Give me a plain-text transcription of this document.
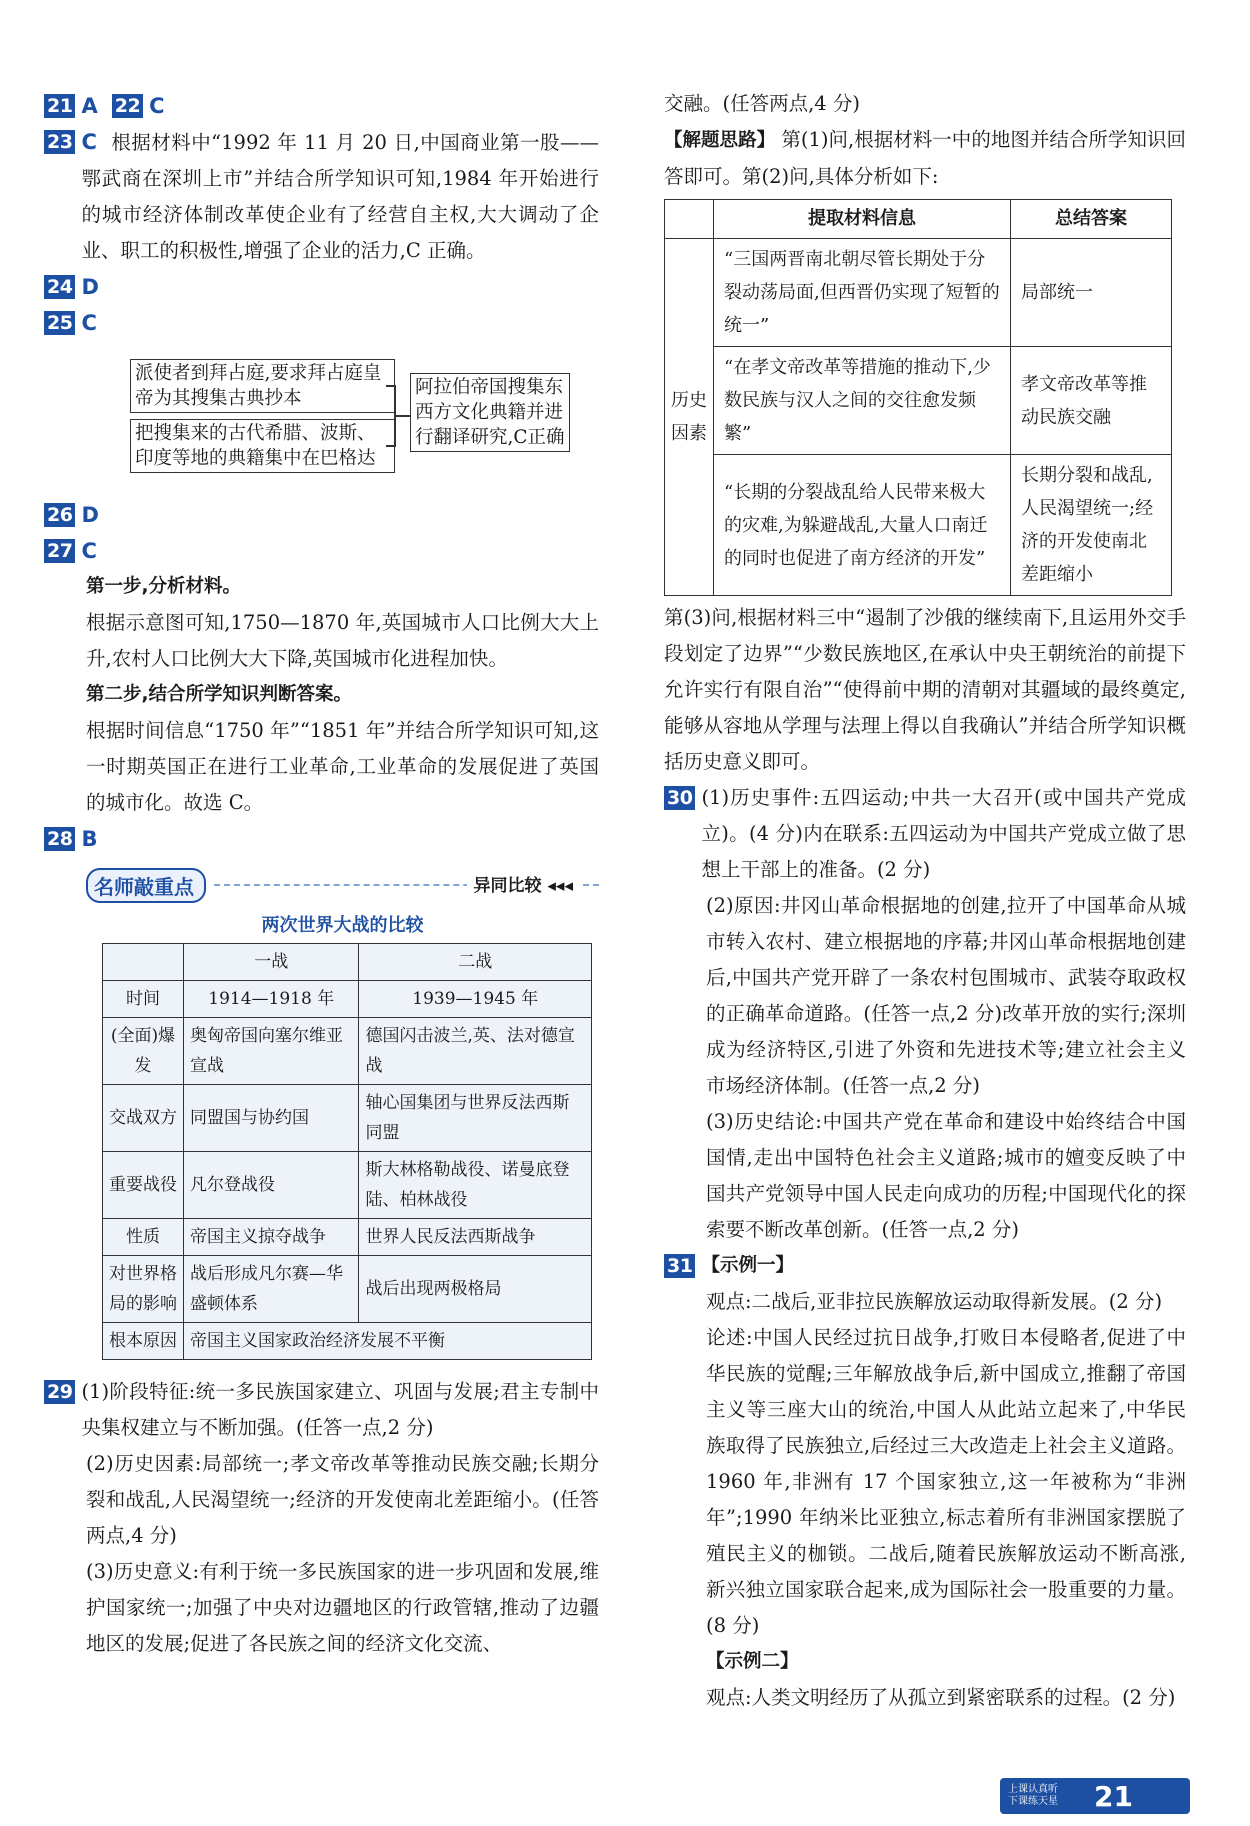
21 A 22 C
23 C 根据材料中“1992 年 11 月 20 日,中国商业第一股——鄂武商在深圳上市”并结合所学知识可知,1984 年开始进行的城市经济体制改革使企业有了经营自主权,大大调动了企业、职工的积极性,增强了企业的活力,C 正确。

24 D
25 C
派使者到拜占庭,要求拜占庭皇帝为其搜集古典抄本
把搜集来的古代希腊、波斯、印度等地的典籍集中在巴格达
阿拉伯帝国搜集东西方文化典籍并进行翻译研究,C正确
26 D
27 C

第一步,分析材料。

根据示意图可知,1750—1870 年,英国城市人口比例大大上升,农村人口比例大大下降,英国城市化进程加快。

第二步,结合所学知识判断答案。

根据时间信息“1750 年”“1851 年”并结合所学知识可知,这一时期英国正在进行工业革命,工业革命的发展促进了英国的城市化。故选 C。

28 B
名师敲重点	异同比较 ◂◂◂
两次世界大战的比较
	一战	二战
时间	1914—1918 年	1939—1945 年
(全面)爆发	奥匈帝国向塞尔维亚宣战	德国闪击波兰,英、法对德宣战
交战双方	同盟国与协约国	轴心国集团与世界反法西斯同盟
重要战役	凡尔登战役	斯大林格勒战役、诺曼底登陆、柏林战役
性质	帝国主义掠夺战争	世界人民反法西斯战争
对世界格局的影响	战后形成凡尔赛—华盛顿体系	战后出现两极格局
根本原因	帝国主义国家政治经济发展不平衡	
29 (1)阶段特征:统一多民族国家建立、巩固与发展;君主专制中央集权建立与不断加强。(任答一点,2 分)

(2)历史因素:局部统一;孝文帝改革等推动民族交融;长期分裂和战乱,人民渴望统一;经济的开发使南北差距缩小。(任答两点,4 分)

(3)历史意义:有利于统一多民族国家的进一步巩固和发展,维护国家统一;加强了中央对边疆地区的行政管辖,推动了边疆地区的发展;促进了各民族之间的经济文化交流、

交融。(任答两点,4 分)

【解题思路】 第(1)问,根据材料一中的地图并结合所学知识回答即可。第(2)问,具体分析如下:

	提取材料信息	总结答案
历史因素	“三国两晋南北朝尽管长期处于分裂动荡局面,但西晋仍实现了短暂的统一”	局部统一
	“在孝文帝改革等措施的推动下,少数民族与汉人之间的交往愈发频繁”	孝文帝改革等推动民族交融
	“长期的分裂战乱给人民带来极大的灾难,为躲避战乱,大量人口南迁的同时也促进了南方经济的开发”	长期分裂和战乱,人民渴望统一;经济的开发使南北差距缩小

第(3)问,根据材料三中“遏制了沙俄的继续南下,且运用外交手段划定了边界”“少数民族地区,在承认中央王朝统治的前提下允许实行有限自治”“使得前中期的清朝对其疆域的最终奠定,能够从容地从学理与法理上得以自我确认”并结合所学知识概括历史意义即可。

30 (1)历史事件:五四运动;中共一大召开(或中国共产党成立)。(4 分)内在联系:五四运动为中国共产党成立做了思想上干部上的准备。(2 分)

(2)原因:井冈山革命根据地的创建,拉开了中国革命从城市转入农村、建立根据地的序幕;井冈山革命根据地创建后,中国共产党开辟了一条农村包围城市、武装夺取政权的正确革命道路。(任答一点,2 分)改革开放的实行;深圳成为经济特区,引进了外资和先进技术等;建立社会主义市场经济体制。(任答一点,2 分)

(3)历史结论:中国共产党在革命和建设中始终结合中国国情,走出中国特色社会主义道路;城市的嬗变反映了中国共产党领导中国人民走向成功的历程;中国现代化的探索要不断改革创新。(任答一点,2 分)

31 【示例一】

观点:二战后,亚非拉民族解放运动取得新发展。(2 分)

论述:中国人民经过抗日战争,打败日本侵略者,促进了中华民族的觉醒;三年解放战争后,新中国成立,推翻了帝国主义等三座大山的统治,中国人从此站立起来了,中华民族取得了民族独立,后经过三大改造走上社会主义道路。1960 年,非洲有 17 个国家独立,这一年被称为“非洲年”;1990 年纳米比亚独立,标志着所有非洲国家摆脱了殖民主义的枷锁。二战后,随着民族解放运动不断高涨,新兴独立国家联合起来,成为国际社会一股重要的力量。(8 分)

【示例二】

观点:人类文明经历了从孤立到紧密联系的过程。(2 分)

上课认真听
下课练天星	21
